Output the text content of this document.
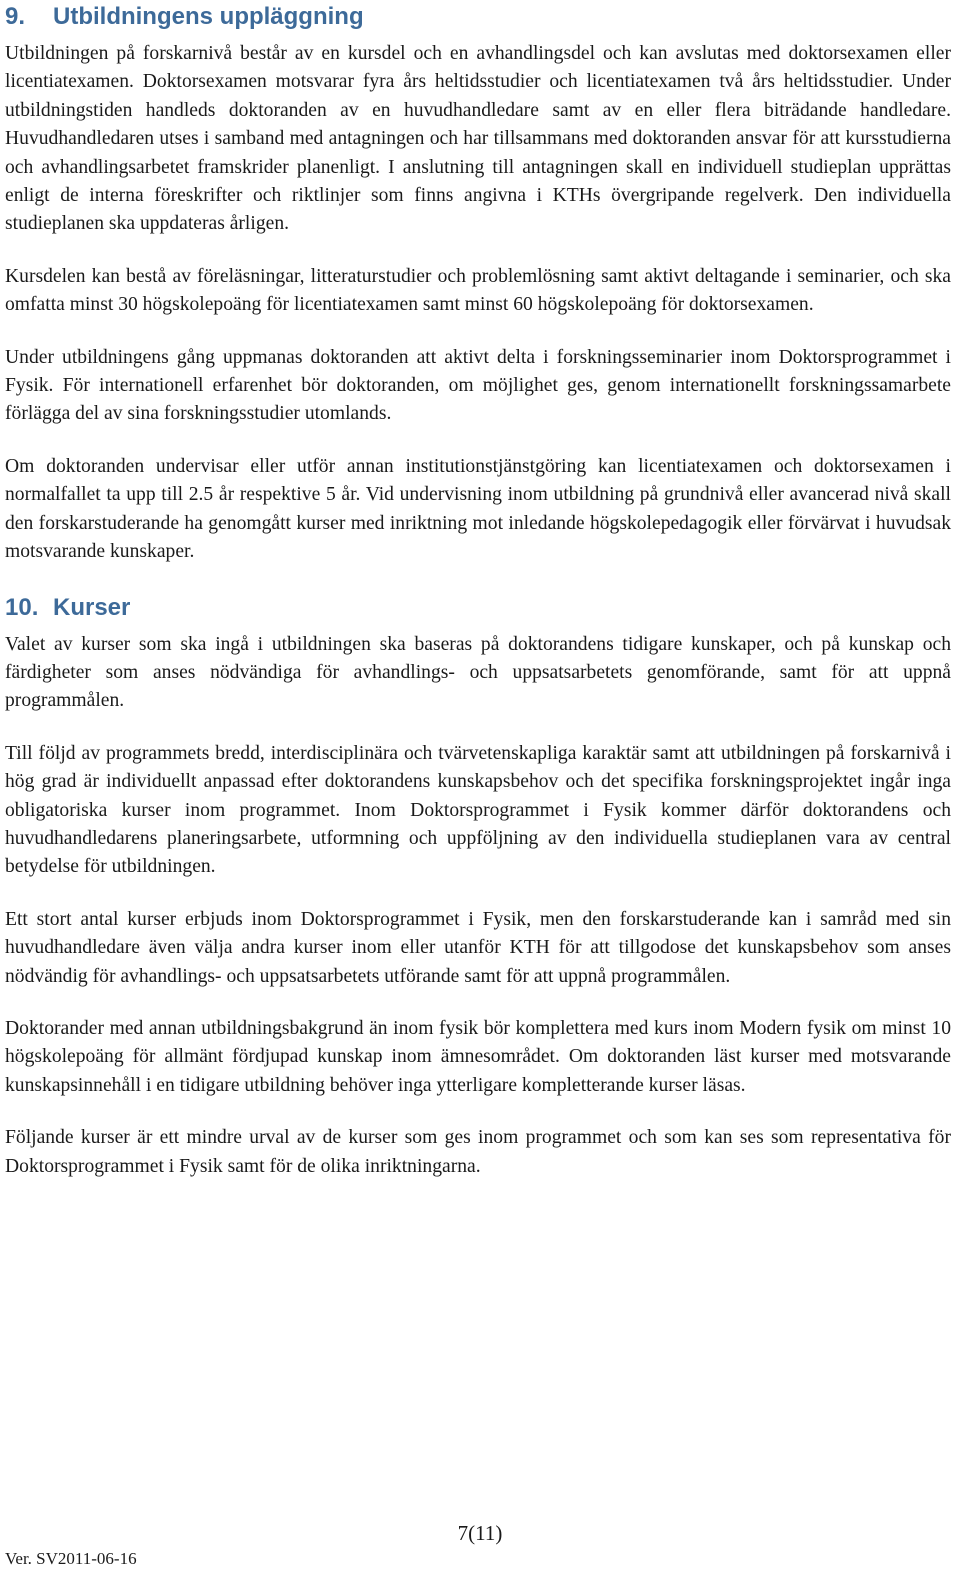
9. Utbildningens uppläggning

Utbildningen på forskarnivå består av en kursdel och en avhandlingsdel och kan avslutas med doktorsexamen eller licentiatexamen. Doktorsexamen motsvarar fyra års heltidsstudier och licentiatexamen två års heltidsstudier. Under utbildningstiden handleds doktoranden av en huvudhandledare samt av en eller flera biträdande handledare. Huvudhandledaren utses i samband med antagningen och har tillsammans med doktoranden ansvar för att kursstudierna och avhandlingsarbetet framskrider planenligt. I anslutning till antagningen skall en individuell studieplan upprättas enligt de interna föreskrifter och riktlinjer som finns angivna i KTHs övergripande regelverk. Den individuella studieplanen ska uppdateras årligen.

Kursdelen kan bestå av föreläsningar, litteraturstudier och problemlösning samt aktivt deltagande i seminarier, och ska omfatta minst 30 högskolepoäng för licentiatexamen samt minst 60 högskolepoäng för doktorsexamen.

Under utbildningens gång uppmanas doktoranden att aktivt delta i forskningsseminarier inom Doktorsprogrammet i Fysik. För internationell erfarenhet bör doktoranden, om möjlighet ges, genom internationellt forskningssamarbete förlägga del av sina forskningsstudier utomlands.

Om doktoranden undervisar eller utför annan institutionstjänstgöring kan licentiatexamen och doktorsexamen i normalfallet ta upp till 2.5 år respektive 5 år. Vid undervisning inom utbildning på grundnivå eller avancerad nivå skall den forskarstuderande ha genomgått kurser med inriktning mot inledande högskolepedagogik eller förvärvat i huvudsak motsvarande kunskaper.

10. Kurser

Valet av kurser som ska ingå i utbildningen ska baseras på doktorandens tidigare kunskaper, och på kunskap och färdigheter som anses nödvändiga för avhandlings- och uppsatsarbetets genomförande, samt för att uppnå programmålen.

Till följd av programmets bredd, interdisciplinära och tvärvetenskapliga karaktär samt att utbildningen på forskarnivå i hög grad är individuellt anpassad efter doktorandens kunskapsbehov och det specifika forskningsprojektet ingår inga obligatoriska kurser inom programmet. Inom Doktorsprogrammet i Fysik kommer därför doktorandens och huvudhandledarens planeringsarbete, utformning och uppföljning av den individuella studieplanen vara av central betydelse för utbildningen.

Ett stort antal kurser erbjuds inom Doktorsprogrammet i Fysik, men den forskarstuderande kan i samråd med sin huvudhandledare även välja andra kurser inom eller utanför KTH för att tillgodose det kunskapsbehov som anses nödvändig för avhandlings- och uppsatsarbetets utförande samt för att uppnå programmålen.

Doktorander med annan utbildningsbakgrund än inom fysik bör komplettera med kurs inom Modern fysik om minst 10 högskolepoäng för allmänt fördjupad kunskap inom ämnesområdet. Om doktoranden läst kurser med motsvarande kunskapsinnehåll i en tidigare utbildning behöver inga ytterligare kompletterande kurser läsas.

Följande kurser är ett mindre urval av de kurser som ges inom programmet och som kan ses som representativa för Doktorsprogrammet i Fysik samt för de olika inriktningarna.

7(11)
Ver. SV2011-06-16
